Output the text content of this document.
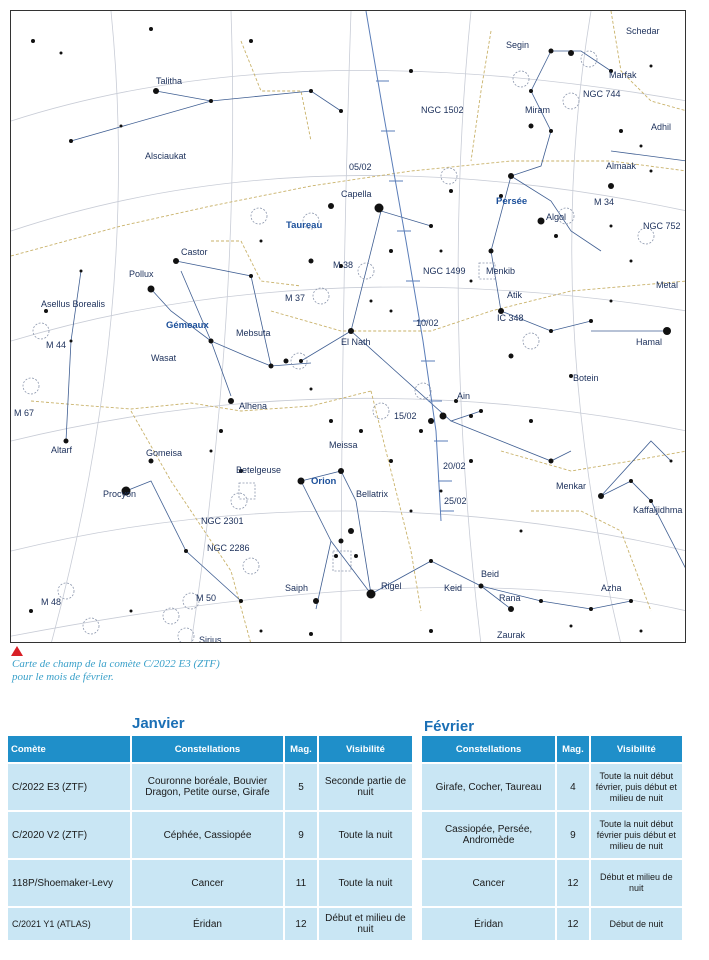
Taureau
Persée
Gémeaux
Orion
Segin
Schedar
Marfak
NGC 744
Talitha
NGC 1502	Miram
Adhil
Alsciaukat
Almaak
Capella
M 34
Algol
NGC 752
Castor
M 38
NGC 1499 Menkib
Pollux
Metal
Atik
M 37
Asellus Borealis
IC 348
Mebsuta
M 44	El Nath	Hamal
Wasat
Botein
Ain
M 67
Alhena
Meissa
Altarf	Gomeisa
Betelgeuse
Bellatrix
Menkar
Procyon
Kaffaljidhma
NGC 2301
NGC 2286
Beid
Saiph	Rigel	Keid
Rana
Azha
M 48	M 50
Zaurak
Sirius
05/02
10/02
15/02
20/02
25/02
Carte de champ de la comète C/2022 E3 (ZTF)
pour le mois de février.
Janvier	Février
Comète	Constellations	Mag.	Visibilité
C/2022 E3 (ZTF)	Couronne boréale, Bouvier Dragon, Petite ourse, Girafe	5	Seconde partie de nuit
C/2020 V2 (ZTF)	Céphée, Cassiopée	9	Toute la nuit
118P/Shoemaker-Levy	Cancer	11	Toute la nuit
C/2021 Y1 (ATLAS)	Éridan	12	Début et milieu de nuit
Constellations	Mag.	Visibilité
Girafe, Cocher, Taureau	4	Toute la nuit début février, puis début et milieu de nuit
Cassiopée, Persée, Andromède	9	Toute la nuit début février puis début et milieu de nuit
Cancer	12	Début et milieu de nuit
Éridan	12	Début de nuit
